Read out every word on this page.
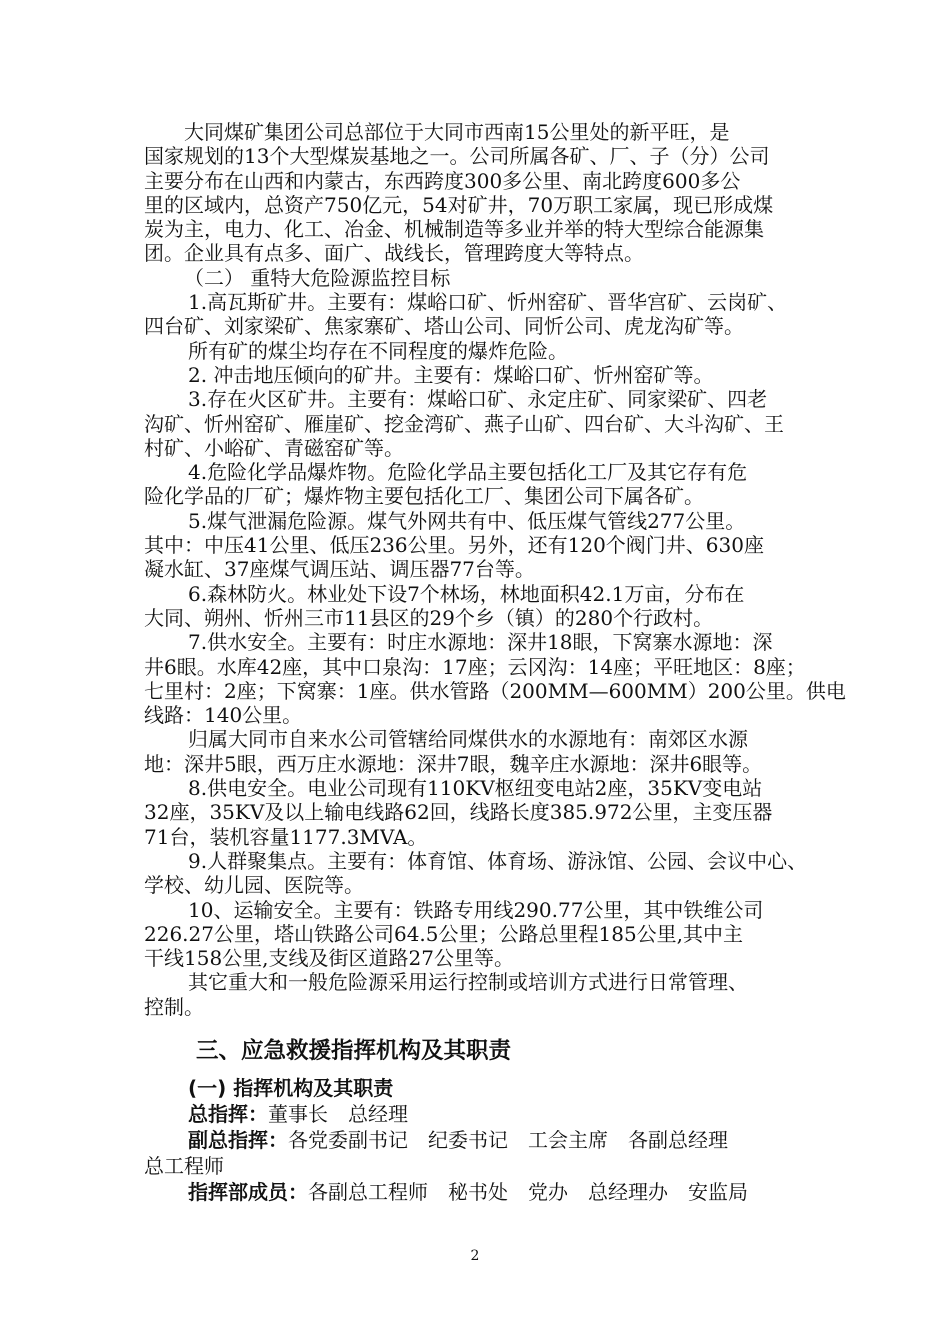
大同煤矿集团公司总部位于大同市西南15公里处的新平旺，是
国家规划的13个大型煤炭基地之一。公司所属各矿、厂、子（分）公司
主要分布在山西和内蒙古，东西跨度300多公里、南北跨度600多公
里的区域内，总资产750亿元，54对矿井，70万职工家属，现已形成煤
炭为主，电力、化工、冶金、机械制造等多业并举的特大型综合能源集
团。企业具有点多、面广、战线长，管理跨度大等特点。
（二） 重特大危险源监控目标
1.高瓦斯矿井。主要有：煤峪口矿、忻州窑矿、晋华宫矿、云岗矿、
四台矿、刘家梁矿、焦家寨矿、塔山公司、同忻公司、虎龙沟矿等。
所有矿的煤尘均存在不同程度的爆炸危险。
2. 冲击地压倾向的矿井。主要有：煤峪口矿、忻州窑矿等。
3.存在火区矿井。主要有：煤峪口矿、永定庄矿、同家梁矿、四老
沟矿、忻州窑矿、雁崖矿、挖金湾矿、燕子山矿、四台矿、大斗沟矿、王
村矿、小峪矿、青磁窑矿等。
4.危险化学品爆炸物。危险化学品主要包括化工厂及其它存有危
险化学品的厂矿；爆炸物主要包括化工厂、集团公司下属各矿。
5.煤气泄漏危险源。煤气外网共有中、低压煤气管线277公里。
其中：中压41公里、低压236公里。另外，还有120个阀门井、630座
凝水缸、37座煤气调压站、调压器77台等。
6.森林防火。林业处下设7个林场，林地面积42.1万亩，分布在
大同、朔州、忻州三市11县区的29个乡（镇）的280个行政村。
7.供水安全。主要有：时庄水源地：深井18眼，下窝寨水源地：深
井6眼。水库42座，其中口泉沟：17座；云冈沟：14座；平旺地区：8座；
七里村：2座；下窝寨：1座。供水管路（200MM—600MM）200公里。供电
线路：140公里。
归属大同市自来水公司管辖给同煤供水的水源地有：南郊区水源
地：深井5眼，西万庄水源地：深井7眼，魏辛庄水源地：深井6眼等。
8.供电安全。电业公司现有110KV枢纽变电站2座，35KV变电站
32座，35KV及以上输电线路62回，线路长度385.972公里，主变压器
71台，装机容量1177.3MVA。
9.人群聚集点。主要有：体育馆、体育场、游泳馆、公园、会议中心、
学校、幼儿园、医院等。
10、运输安全。主要有：铁路专用线290.77公里，其中铁维公司
226.27公里，塔山铁路公司64.5公里；公路总里程185公里,其中主
干线158公里,支线及街区道路27公里等。
其它重大和一般危险源采用运行控制或培训方式进行日常管理、
控制。
三、应急救援指挥机构及其职责
(一) 指挥机构及其职责
总指挥：董事长　总经理
副总指挥：各党委副书记　纪委书记　工会主席　各副总经理
总工程师
指挥部成员：各副总工程师　秘书处　党办　总经理办　安监局
2
